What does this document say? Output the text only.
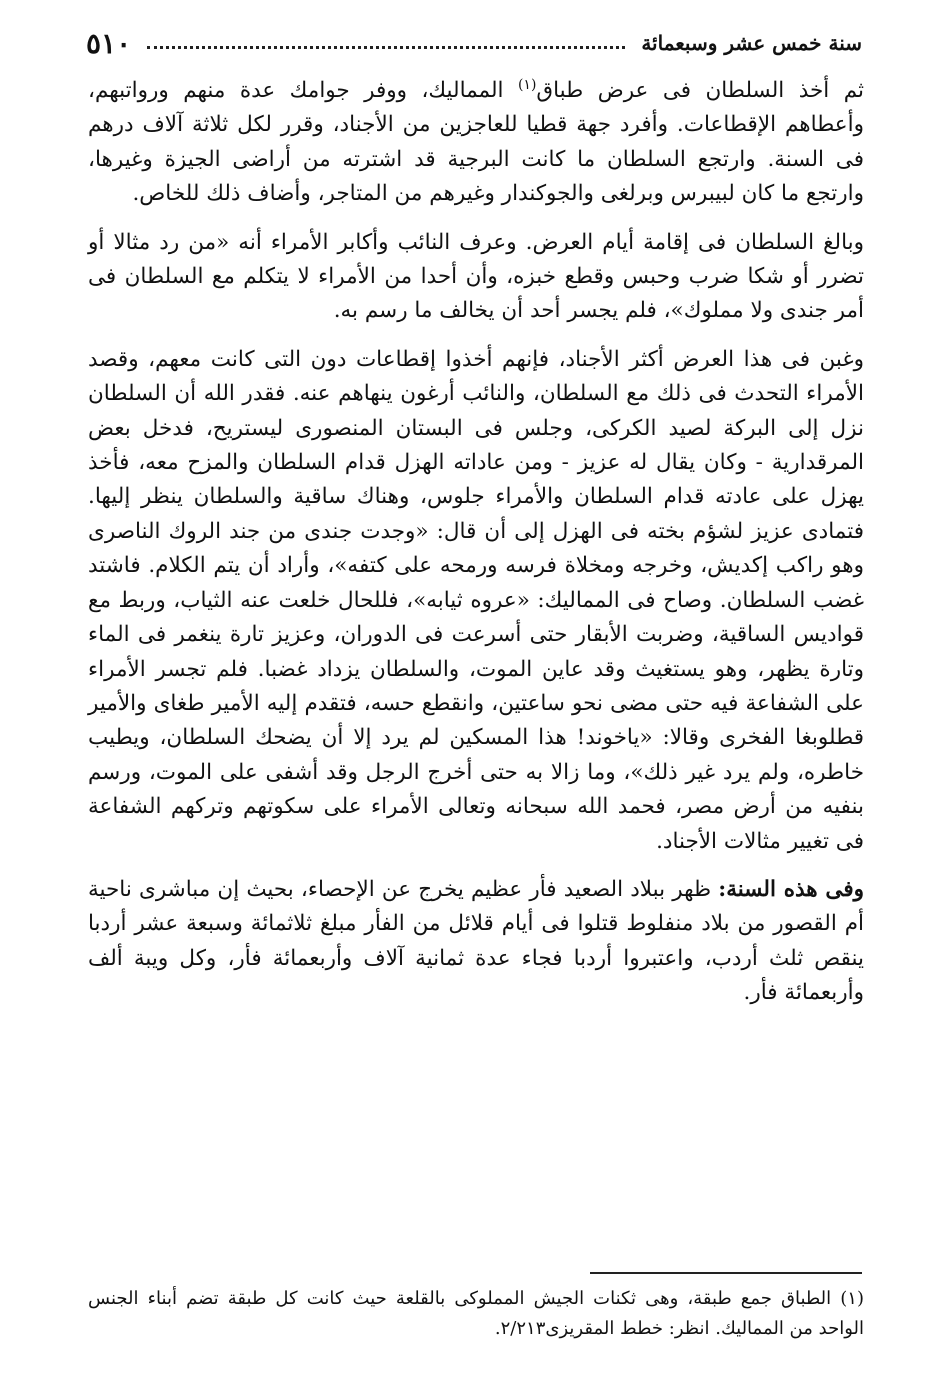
سنة خمس عشر وسبعمائة
٥١٠

ثم أخذ السلطان فى عرض طباق$^{(١)}$ المماليك، ووفر جوامك عدة منهم ورواتبهم، وأعطاهم الإقطاعات. وأفرد جهة قطيا للعاجزين من الأجناد، وقرر لكل ثلاثة آلاف درهم فى السنة. وارتجع السلطان ما كانت البرجية قد اشترته من أراضى الجيزة وغيرها، وارتجع ما كان لبيبرس وبرلغى والجوكندار وغيرهم من المتاجر، وأضاف ذلك للخاص.

وبالغ السلطان فى إقامة أيام العرض. وعرف النائب وأكابر الأمراء أنه «من رد مثالا أو تضرر أو شكا ضرب وحبس وقطع خبزه، وأن أحدا من الأمراء لا يتكلم مع السلطان فى أمر جندى ولا مملوك»، فلم يجسر أحد أن يخالف ما رسم به.

وغبن فى هذا العرض أكثر الأجناد، فإنهم أخذوا إقطاعات دون التى كانت معهم، وقصد الأمراء التحدث فى ذلك مع السلطان، والنائب أرغون ينهاهم عنه. فقدر الله أن السلطان نزل إلى البركة لصيد الكركى، وجلس فى البستان المنصورى ليستريح، فدخل بعض المرقدارية - وكان يقال له عزيز - ومن عاداته الهزل قدام السلطان والمزح معه، فأخذ يهزل على عادته قدام السلطان والأمراء جلوس، وهناك ساقية والسلطان ينظر إليها. فتمادى عزيز لشؤم بخته فى الهزل إلى أن قال: «وجدت جندى من جند الروك الناصرى وهو راكب إكديش، وخرجه ومخلاة فرسه ورمحه على كتفه»، وأراد أن يتم الكلام. فاشتد غضب السلطان. وصاح فى المماليك: «عروه ثيابه»، فللحال خلعت عنه الثياب، وربط مع قواديس الساقية، وضربت الأبقار حتى أسرعت فى الدوران، وعزيز تارة ينغمر فى الماء وتارة يظهر، وهو يستغيث وقد عاين الموت، والسلطان يزداد غضبا. فلم تجسر الأمراء على الشفاعة فيه حتى مضى نحو ساعتين، وانقطع حسه، فتقدم إليه الأمير طغاى والأمير قطلوبغا الفخرى وقالا: «ياخوند! هذا المسكين لم يرد إلا أن يضحك السلطان، ويطيب خاطره، ولم يرد غير ذلك»، وما زالا به حتى أخرج الرجل وقد أشفى على الموت، ورسم بنفيه من أرض مصر، فحمد الله سبحانه وتعالى الأمراء على سكوتهم وتركهم الشفاعة فى تغيير مثالات الأجناد.

وفى هذه السنة: ظهر ببلاد الصعيد فأر عظيم يخرج عن الإحصاء، بحيث إن مباشرى ناحية أم القصور من بلاد منفلوط قتلوا فى أيام قلائل من الفأر مبلغ ثلاثمائة وسبعة عشر أردبا ينقص ثلث أردب، واعتبروا أردبا فجاء عدة ثمانية آلاف وأربعمائة فأر، وكل ويبة ألف وأربعمائة فأر.

(١) الطباق جمع طبقة، وهى ثكنات الجيش المملوكى بالقلعة حيث كانت كل طبقة تضم أبناء الجنس الواحد من المماليك. انظر: خطط المقريزى٢/٢١٣.
